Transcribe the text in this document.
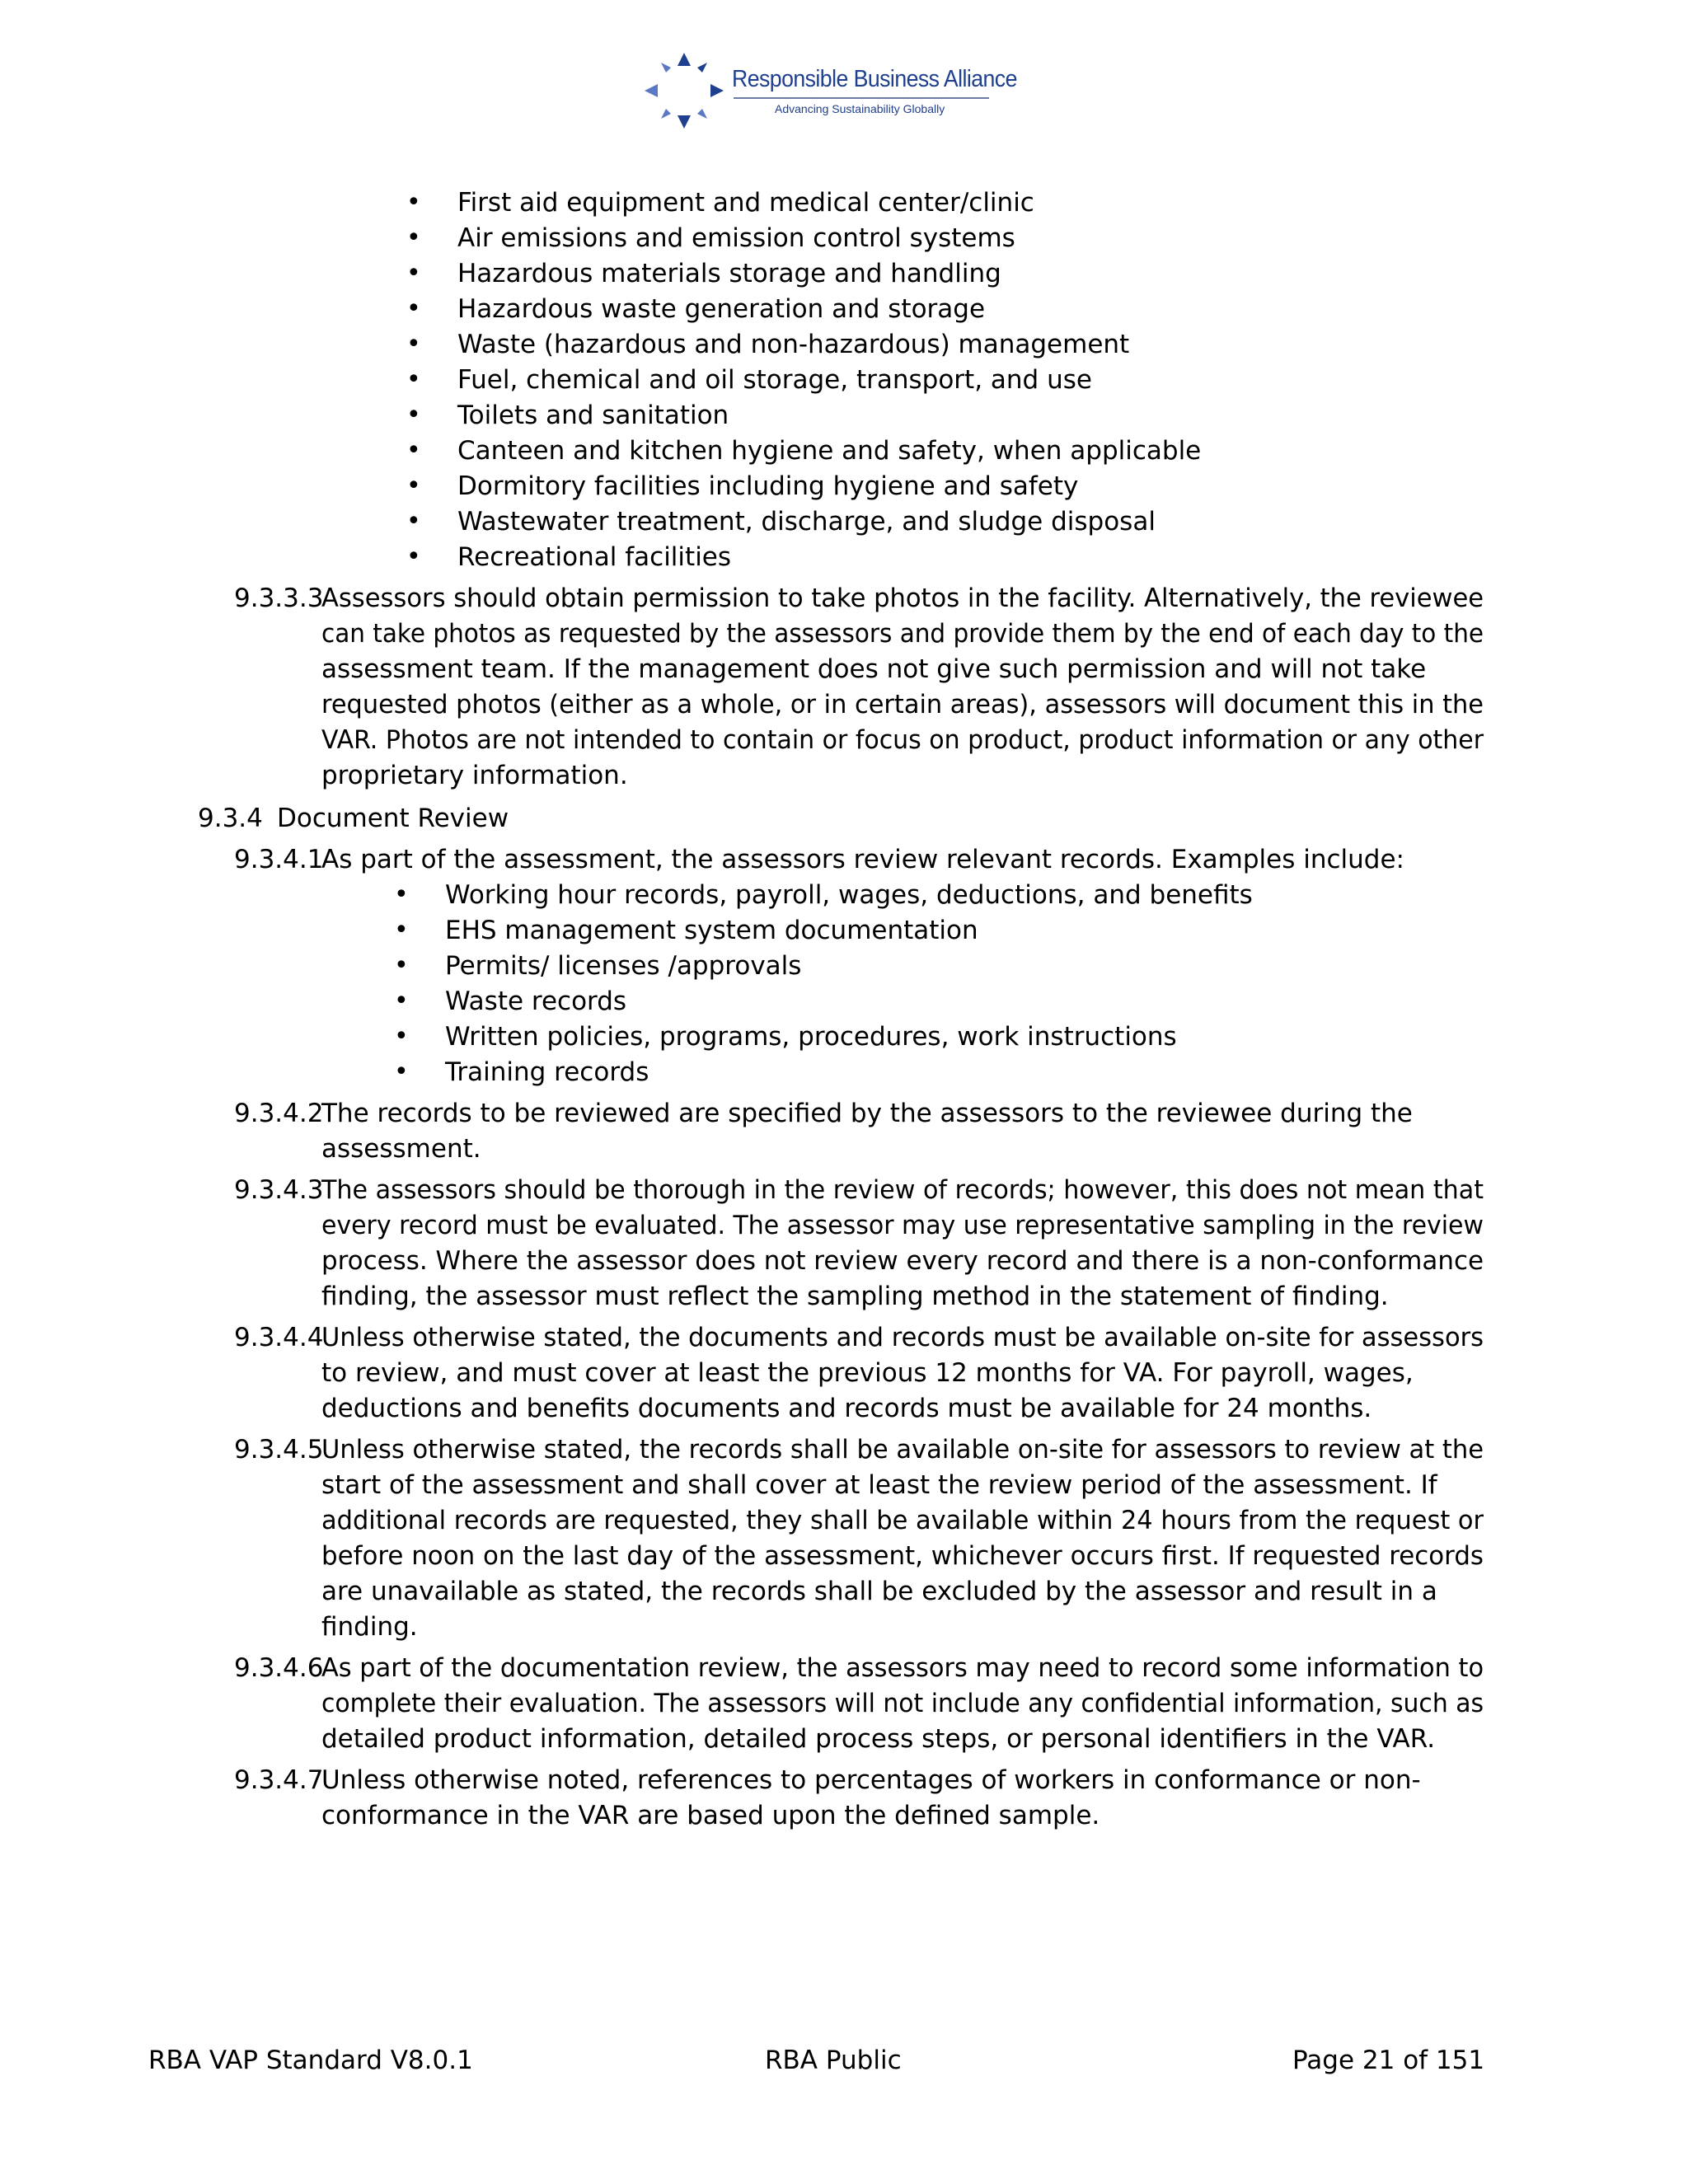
Responsible Business Alliance
Advancing Sustainability Globally
• First aid equipment and medical center/clinic
• Air emissions and emission control systems
• Hazardous materials storage and handling
• Hazardous waste generation and storage
• Waste (hazardous and non-hazardous) management
• Fuel, chemical and oil storage, transport, and use
• Toilets and sanitation
• Canteen and kitchen hygiene and safety, when applicable
• Dormitory facilities including hygiene and safety
• Wastewater treatment, discharge, and sludge disposal
• Recreational facilities
9.3.3.3
Assessors should obtain permission to take photos in the facility. Alternatively, the reviewee
can take photos as requested by the assessors and provide them by the end of each day to the
assessment team. If the management does not give such permission and will not take
requested photos (either as a whole, or in certain areas), assessors will document this in the
VAR. Photos are not intended to contain or focus on product, product information or any other
proprietary information.
9.3.4 Document Review
9.3.4.1
As part of the assessment, the assessors review relevant records. Examples include:
• Working hour records, payroll, wages, deductions, and benefits
• EHS management system documentation
• Permits/ licenses /approvals
• Waste records
• Written policies, programs, procedures, work instructions
• Training records
9.3.4.2
The records to be reviewed are specified by the assessors to the reviewee during the
assessment.
9.3.4.3
The assessors should be thorough in the review of records; however, this does not mean that
every record must be evaluated. The assessor may use representative sampling in the review
process. Where the assessor does not review every record and there is a non-conformance
finding, the assessor must reflect the sampling method in the statement of finding.
9.3.4.4
Unless otherwise stated, the documents and records must be available on-site for assessors
to review, and must cover at least the previous 12 months for VA. For payroll, wages,
deductions and benefits documents and records must be available for 24 months.
9.3.4.5
Unless otherwise stated, the records shall be available on-site for assessors to review at the
start of the assessment and shall cover at least the review period of the assessment. If
additional records are requested, they shall be available within 24 hours from the request or
before noon on the last day of the assessment, whichever occurs first. If requested records
are unavailable as stated, the records shall be excluded by the assessor and result in a
finding.
9.3.4.6
As part of the documentation review, the assessors may need to record some information to
complete their evaluation. The assessors will not include any confidential information, such as
detailed product information, detailed process steps, or personal identifiers in the VAR.
9.3.4.7
Unless otherwise noted, references to percentages of workers in conformance or non-
conformance in the VAR are based upon the defined sample.
RBA VAP Standard V8.0.1	RBA Public	Page 21 of 151
